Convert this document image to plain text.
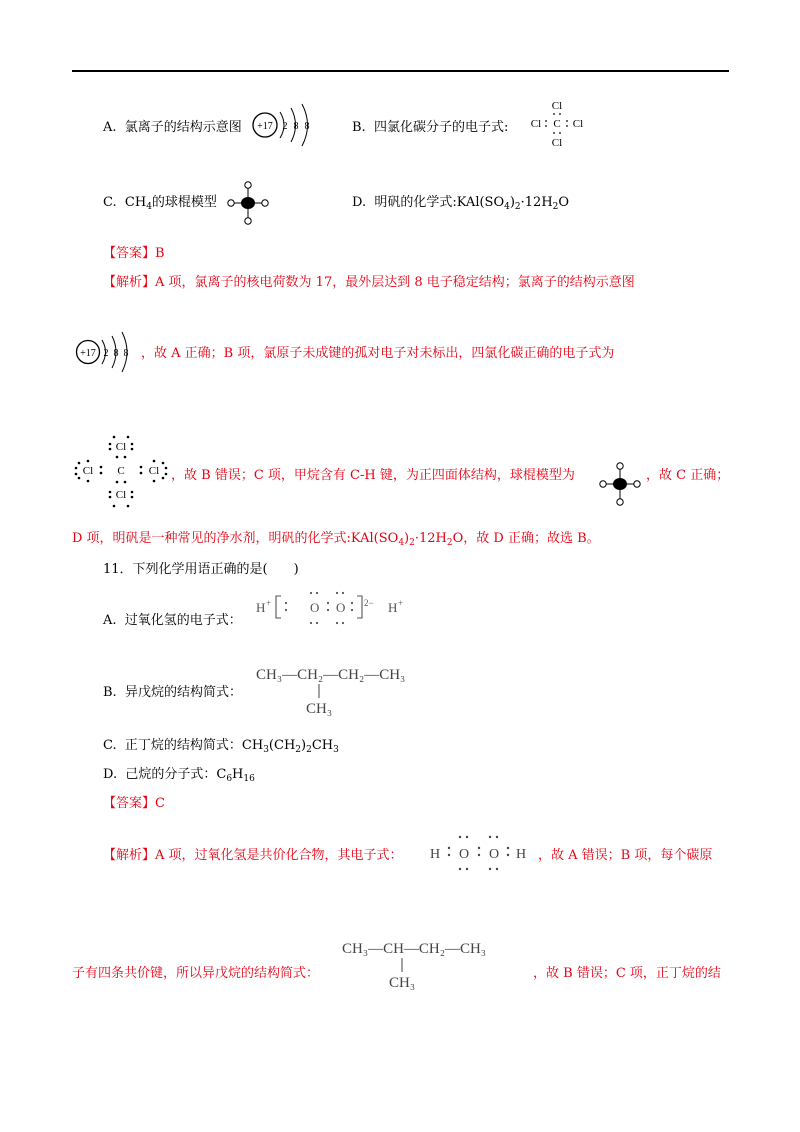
A. 氯离子的结构示意图 +17 2 8 8	B. 四氯化碳分子的电子式:
Cl
Cl C Cl
Cl
C. $CH_4$的球棍模型	D. 明矾的化学式$:KAl(SO_4)_2\cdot 12H_2O$
【答案】B
【解析】A 项，氯离子的核电荷数为 17，最外层达到 8 电子稳定结构；氯离子的结构示意图
+17 2 8 8 ，故 A 正确；B 项，氯原子未成键的孤对电子对未标出，四氯化碳正确的电子式为
Cl
Cl C Cl
Cl
，故 B 错误；C 项，甲烷含有 C-H 键，为正四面体结构，球棍模型为	，故 C 正确；
D 项，明矾是一种常见的净水剂，明矾的化学式$:KAl(SO_4)_2\cdot 12H_2O$，故 D 正确；故选 B。
11．下列化学用语正确的是(　　)
A. 过氧化氢的电子式：
H +	O O 2− H +
B. 异戊烷的结构简式：
CH₃—CH₂—CH₂—CH₃
CH₃
C. 正丁烷的结构简式：$CH_3(CH_2)_2CH_3$
D. 己烷的分子式：$C_6H_{16}$
【答案】C
【解析】A 项，过氧化氢是共价化合物，其电子式： H O O H ，故 A 错误；B 项，每个碳原
CH₃—CH—CH₂—CH₃
CH₃
子有四条共价键，所以异戊烷的结构简式：	，故 B 错误；C 项，正丁烷的结
